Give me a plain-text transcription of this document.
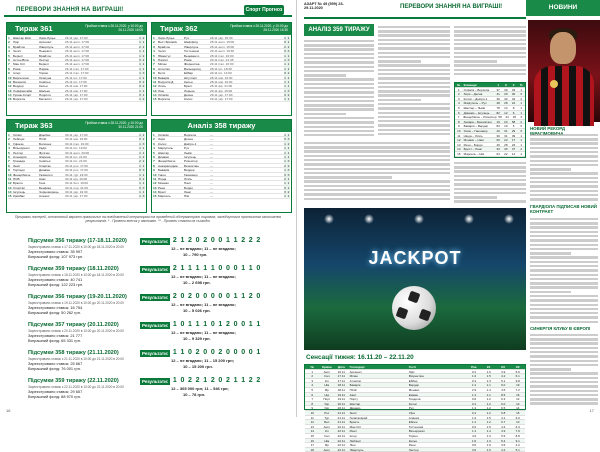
ПЕРЕВОРИ ЗНАННЯ НА ВИГРАШІ!	Спорт Прогноз
Тираж 361	Прийом ставок з 26.11.2020, у 10:00 до 26.11.2020 18:05
1	Шахтар Київ	Зоря-Луцьк	26.11 укр. 17:00	1 2
2	Лідс	Арсенал	26.11 англ. 17:00	1 1
3	Брайтон	Ліверпуль	26.11 англ. 17:00	2 2
4	Челсі	Ньюкасл	26.11 англ. 17:00	1 1
5	Бернлі	Брайтон	26.11 англ. 17:00	1 2
6	Астон Віла	Лестер	26.11 англ. 17:00	X 2
7	Ман Сіті	Бернлі	26.11 англ. 17:00	1 1
8	Рома	Парма	26.11 італ. 17:00	1 1
9	Інтер	Торіно	26.11 італ. 17:00	1 X
10 Барселона	Осасуна	26.11 ісп. 17:00	1 1
11 Валенсія	Севілья	26.11 ісп. 17:00	X 2
12 Вердер	Кельн	26.11 нім. 17:00	X 2
13 Хоффенгайм	Шальке	26.11 нім. 17:00	1 1
14 Гірник-Спорт	Поділля	26.11 укр. 17:00	X 1
15 Ворскла	Металіст	26.11 укр. 17:00	1 2
Тираж 362	Прийом ставок з 26.11.2020, у 10:00 до 28.11.2020 15:30
1	Зоря-Луцьк	Рух	28.11 укр. 15:30	1 1
2	Вест Бромвіч	Шеффілд	28.11 англ. 15:00	X 1
3	Брайтон	Ліверпуль	28.11 англ. 15:00	2 2
4	Челсі	Тоттенхем	29.11 англ. 19:30	X X
5	Ювентус	Беневенто	28.11 італ. 19:00	1 1
6	Наполі	Рома	29.11 італ. 21:45	1 X
7	Мілан	Фіорентіна	29.11 італ. 16:00	1 1
8	Атлетіко	Вальядолід	28.11 ісп. 18:30	1 1
9	Бетіс	Ейбар	29.11 ісп. 14:00	X 2
10 Баварія	Штутгарт	28.11 нім. 16:30	1 1
11 Боруссія Д	Кельн	28.11 нім. 16:30	1 1
12 Лілль	Брест	28.11 фр. 21:00	1 1
13 Ліон	Лорьян	29.11 фр. 15:00	1 X
14 Олімпік	Десна	29.11 укр. 17:00	X 2
15 Ворскла	Колос	29.11 укр. 17:00	1 1
Тираж 363	Прийом ставок з 28.11.2020, у 10:00 до 30.11.2020 21:00
1	Олімп	Діцебен	30.11 укр. 17:00	1 1
2	Лейпциг	ПСЖ	30.11 нім. 19:00	X 2
3	Удінезе	Болонья	30.11 італ. 19:00	1 X
4	Вільярреал	Кадіс	30.11 ісп. 19:00	1 1
5	Лестер	Фулгем	30.11 англ. 20:00	1 1
6	Альмерія	Жирона	30.11 ісп. 21:00	1 2
7	Гранада	Севілья	30.11 ісп. 21:00	2 2
8	Зеніт	Спартак	30.11 рос. 17:00	1 1
9	Торпедо	Динамо	30.11 рос. 17:00	X X
10 Фенербахче	Газіантеп	30.11 тур. 19:00	1 1
11 ПСВ	Аякс	30.11 нід. 19:00	X 2
12 Брюгге	Генк	30.11 бел. 19:00	1 1
13 Спортінг	Бенфіка	30.11 пор. 21:00	X X
14 Інгулець	Чорноморець	30.11 укр. 19:30	1 1
15 Кривбас	Альянс	30.11 укр. 17:00	1 X
Аналіз 358 тиражу
1	Олімпік	Ворскла	—	1 1
2	Зоря	Десна	—	X X
3	Колос	Дніпро-1	—	1 2
4	Маріуполь	Рух	—	1 1
5	Шахтар	Львів	—	1 1
6	Динамо	Інгулець	—	1 1
7	Фенербахче	Ризеспор	—	1 X
8	Анкарагюджю	Бешикташ	—	2 2
9	Баварія	Вердер	—	1 X
10 Уніон	Ганновер	—	X X
11 Ніцца	Лілль	—	2 1
12 Монако	Нант	—	1 1
13 Ренн	Бордо	—	X 1
14 Брест	Ланс	—	X 2
15 Марсель	Нім	—	1 1
Програми лотерей, остаточний варіант правильних на повідомлений оператором та проведений обсерваторією тиражах, засвідчується протоколом оголошення результатів. * - Провели внесок у автомат. ** - Провели станом на сьогодні.
Підсумки 356 тиражу (17-18.11.2020)	Результати: 2 1 2 0 2 0 0 1 1 2 2 2
Зареєстровано ставок з 17.11.2020 в 10:00 до 18.11.2020 в 20:00
Зареєстровано ставок: 35 997
Виграшний фонд: 107 973 грн.
12 – не вгадано; 11 – не вгадано;
10 – 790 грн.
Підсумки 359 тиражу (18.11.2020)	Результати: 2 1 1 1 1 1 0 0 0 1 1 0
Зареєстровано ставок з 18.11.2020 в 10:00 до 18.11.2020 в 20:00
Зареєстровано ставок: 40 741
Виграшний фонд: 122 223 грн.
12 – не вгадано; 11 – не вгадано;
10 – 2 698 грн.
Підсумки 356 тиражу (19-20.11.2020)	Результати: 2 0 2 0 0 0 0 0 1 1 2 0
Зареєстровано ставок з 19.11.2020 в 10:00 до 20.11.2020 в 20:00
Зареєстровано ставок: 16 754
Виграшний фонд: 50 262 грн.
12 – не вгадано; 11 – не вгадано;
10 – 5 026 грн.
Підсумки 357 тиражу (20.11.2020)	Результати: 1 0 1 1 1 0 1 2 0 0 1 1
Зареєстровано ставок з 20.11.2020 в 10:00 до 20.11.2020 в 20:00
Зареєстровано ставок: 21 777
Виграшний фонд: 65 331 грн.
12 – не вгадано; 11 – не вгадано;
10 – 9 329 грн.
Підсумки 358 тиражу (21.11.2020)	Результати: 1 1 0 2 0 0 2 0 0 0 0 1
Зареєстровано ставок з 21.11.2020 в 10:00 до 21.11.2020 в 20:00
Зареєстровано ставок: 25 667
Виграшний фонд: 76 001 грн.
12 – не вгадано; 11 – 15 200 грн;
10 – 15 200 грн.
Підсумки 359 тиражу (22.11.2020)	Результати: 1 0 2 2 1 2 0 2 1 1 2 2
Зареєстровано ставок з 22.11.2020 в 10:00 до 22.11.2020 в 20:00
Зареєстровано ставок: 29 657
Виграшний фонд: 88 970 грн.
12 – 365 000 грн; 11 – 546 грн;
10 – 78 грн.
16
АЗАРТ № 49 (599) 23-29.11.2020	ПЕРЕВОРИ ЗНАННЯ НА ВИГРАШІ!	НОВИНИ
АНАЛІЗ 359 ТИРАЖУ
№	Команди	1	X	2	%
1	Олімпік – Ворскла	37	30	33	1
2	Зоря – Десна	41	29	30	X
3	Колос – Дніпро-1	36	30	34	2
4	Маріуполь – Рух	48	28	24	1
5	Шахтар – Львів	78	14	8	1
6	Динамо – Інгулець	82	12	6	1
7	Фенербахче – Ризеспор 58	24	18	X
8	Анкара – Бешикташ	19	23	58	2
9	Баварія – Вердер	84	10	6	X
10	Уніон – Ганновер	40	31	29	X
11	Ніцца – Лілль	30	31	39	1
12	Монако – Нант	60	23	17	1
13	Ренн – Бордо	49	28	23	1
14	Брест – Ланс	33	30	37	2
15	Марсель – Нім	64	22	14	1
JACKPOT
Сенсації тижня: 16.11.20 – 22.11.20
№	Країна	Дата	Господарі	Гості	Рах.	К1	КХ	К2
1	Англ	16.11	Арсенал	Лідс	0:1	1.6	3.9	5.6
2	Італ	17.11	Мілан	Фіорентіна	1:2	1.5	4.2	6.1
3	Ісп	17.11	Атлетіко	Ейбар	0:1	1.3	5.1	9.8
4	Нім	18.11	Баварія	Вердер	1:1	1.1	9.0	19
5	Фр	18.11	ПСЖ	Монако	2:3	1.4	4.6	7.2
6	Нід	19.11	Аякс	Еммен	1:1	1.1	8.5	16
7	Порт	19.11	Порту	Тондела	0:0	1.2	6.3	12
8	Укр	20.11	Шахтар	Колос	0:1	1.2	6.0	13
9	Укр	20.11	Динамо	Рух	1:1	1.2	6.5	14
10	Рос	21.11	Зеніт	Уфа	0:1	1.2	6.8	15
11	Тур	21.11	Галатасарай	Алания	1:2	1.5	4.1	6.0
12	Бел	21.11	Брюгге	Ейпен	1:1	1.2	6.7	13
13	Англ	22.11	Ман Сіті	Тоттенхем	0:2	1.5	4.4	6.3
14	Ісп	22.11	Реал	Вільярреал	1:1	1.4	4.9	7.9
15	Італ	22.11	Інтер	Торіно	4:2	1.3	5.5	8.8
16	Нім	22.11	Лейпциг	Кельн	1:0	1.3	5.4	9.1
17	Фр	22.11	Ліон	Ренн	0:0	1.9	3.6	4.2
18	Англ	22.11	Ліверпуль	Лестер	3:0	1.6	4.2	5.1
НОВИЙ РЕКОРД
ГВАРДІОЛА ПІДПИСАВ НОВИЙ КОНТРАКТ
СИНЕРГІЯ КЛУБУ В ЄВРОПІ
17
